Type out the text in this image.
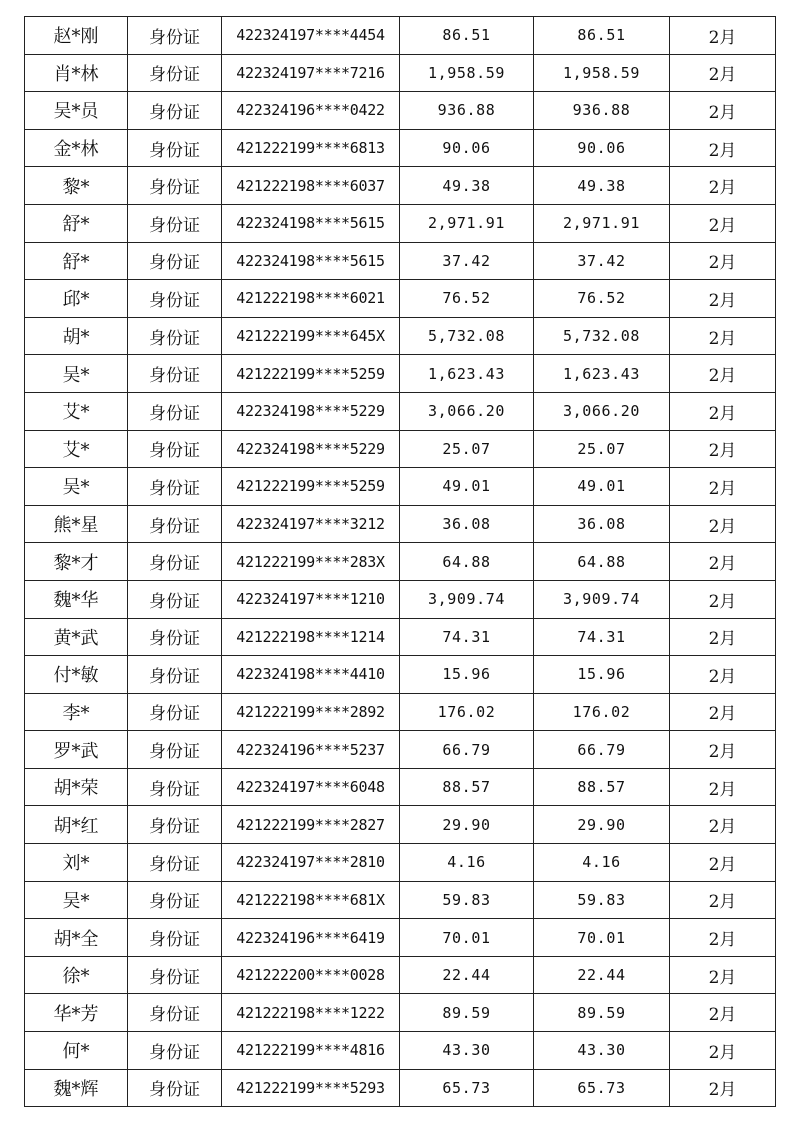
赵*刚	身份证	422324197****4454	86.51	86.51	2月
肖*林	身份证	422324197****7216	1,958.59	1,958.59	2月
吴*员	身份证	422324196****0422	936.88	936.88	2月
金*林	身份证	421222199****6813	90.06	90.06	2月
黎*	身份证	421222198****6037	49.38	49.38	2月
舒*	身份证	422324198****5615	2,971.91	2,971.91	2月
舒*	身份证	422324198****5615	37.42	37.42	2月
邱*	身份证	421222198****6021	76.52	76.52	2月
胡*	身份证	421222199****645X	5,732.08	5,732.08	2月
吴*	身份证	421222199****5259	1,623.43	1,623.43	2月
艾*	身份证	422324198****5229	3,066.20	3,066.20	2月
艾*	身份证	422324198****5229	25.07	25.07	2月
吴*	身份证	421222199****5259	49.01	49.01	2月
熊*星	身份证	422324197****3212	36.08	36.08	2月
黎*才	身份证	421222199****283X	64.88	64.88	2月
魏*华	身份证	422324197****1210	3,909.74	3,909.74	2月
黄*武	身份证	421222198****1214	74.31	74.31	2月
付*敏	身份证	422324198****4410	15.96	15.96	2月
李*	身份证	421222199****2892	176.02	176.02	2月
罗*武	身份证	422324196****5237	66.79	66.79	2月
胡*荣	身份证	422324197****6048	88.57	88.57	2月
胡*红	身份证	421222199****2827	29.90	29.90	2月
刘*	身份证	422324197****2810	4.16	4.16	2月
吴*	身份证	421222198****681X	59.83	59.83	2月
胡*全	身份证	422324196****6419	70.01	70.01	2月
徐*	身份证	421222200****0028	22.44	22.44	2月
华*芳	身份证	421222198****1222	89.59	89.59	2月
何*	身份证	421222199****4816	43.30	43.30	2月
魏*辉	身份证	421222199****5293	65.73	65.73	2月
